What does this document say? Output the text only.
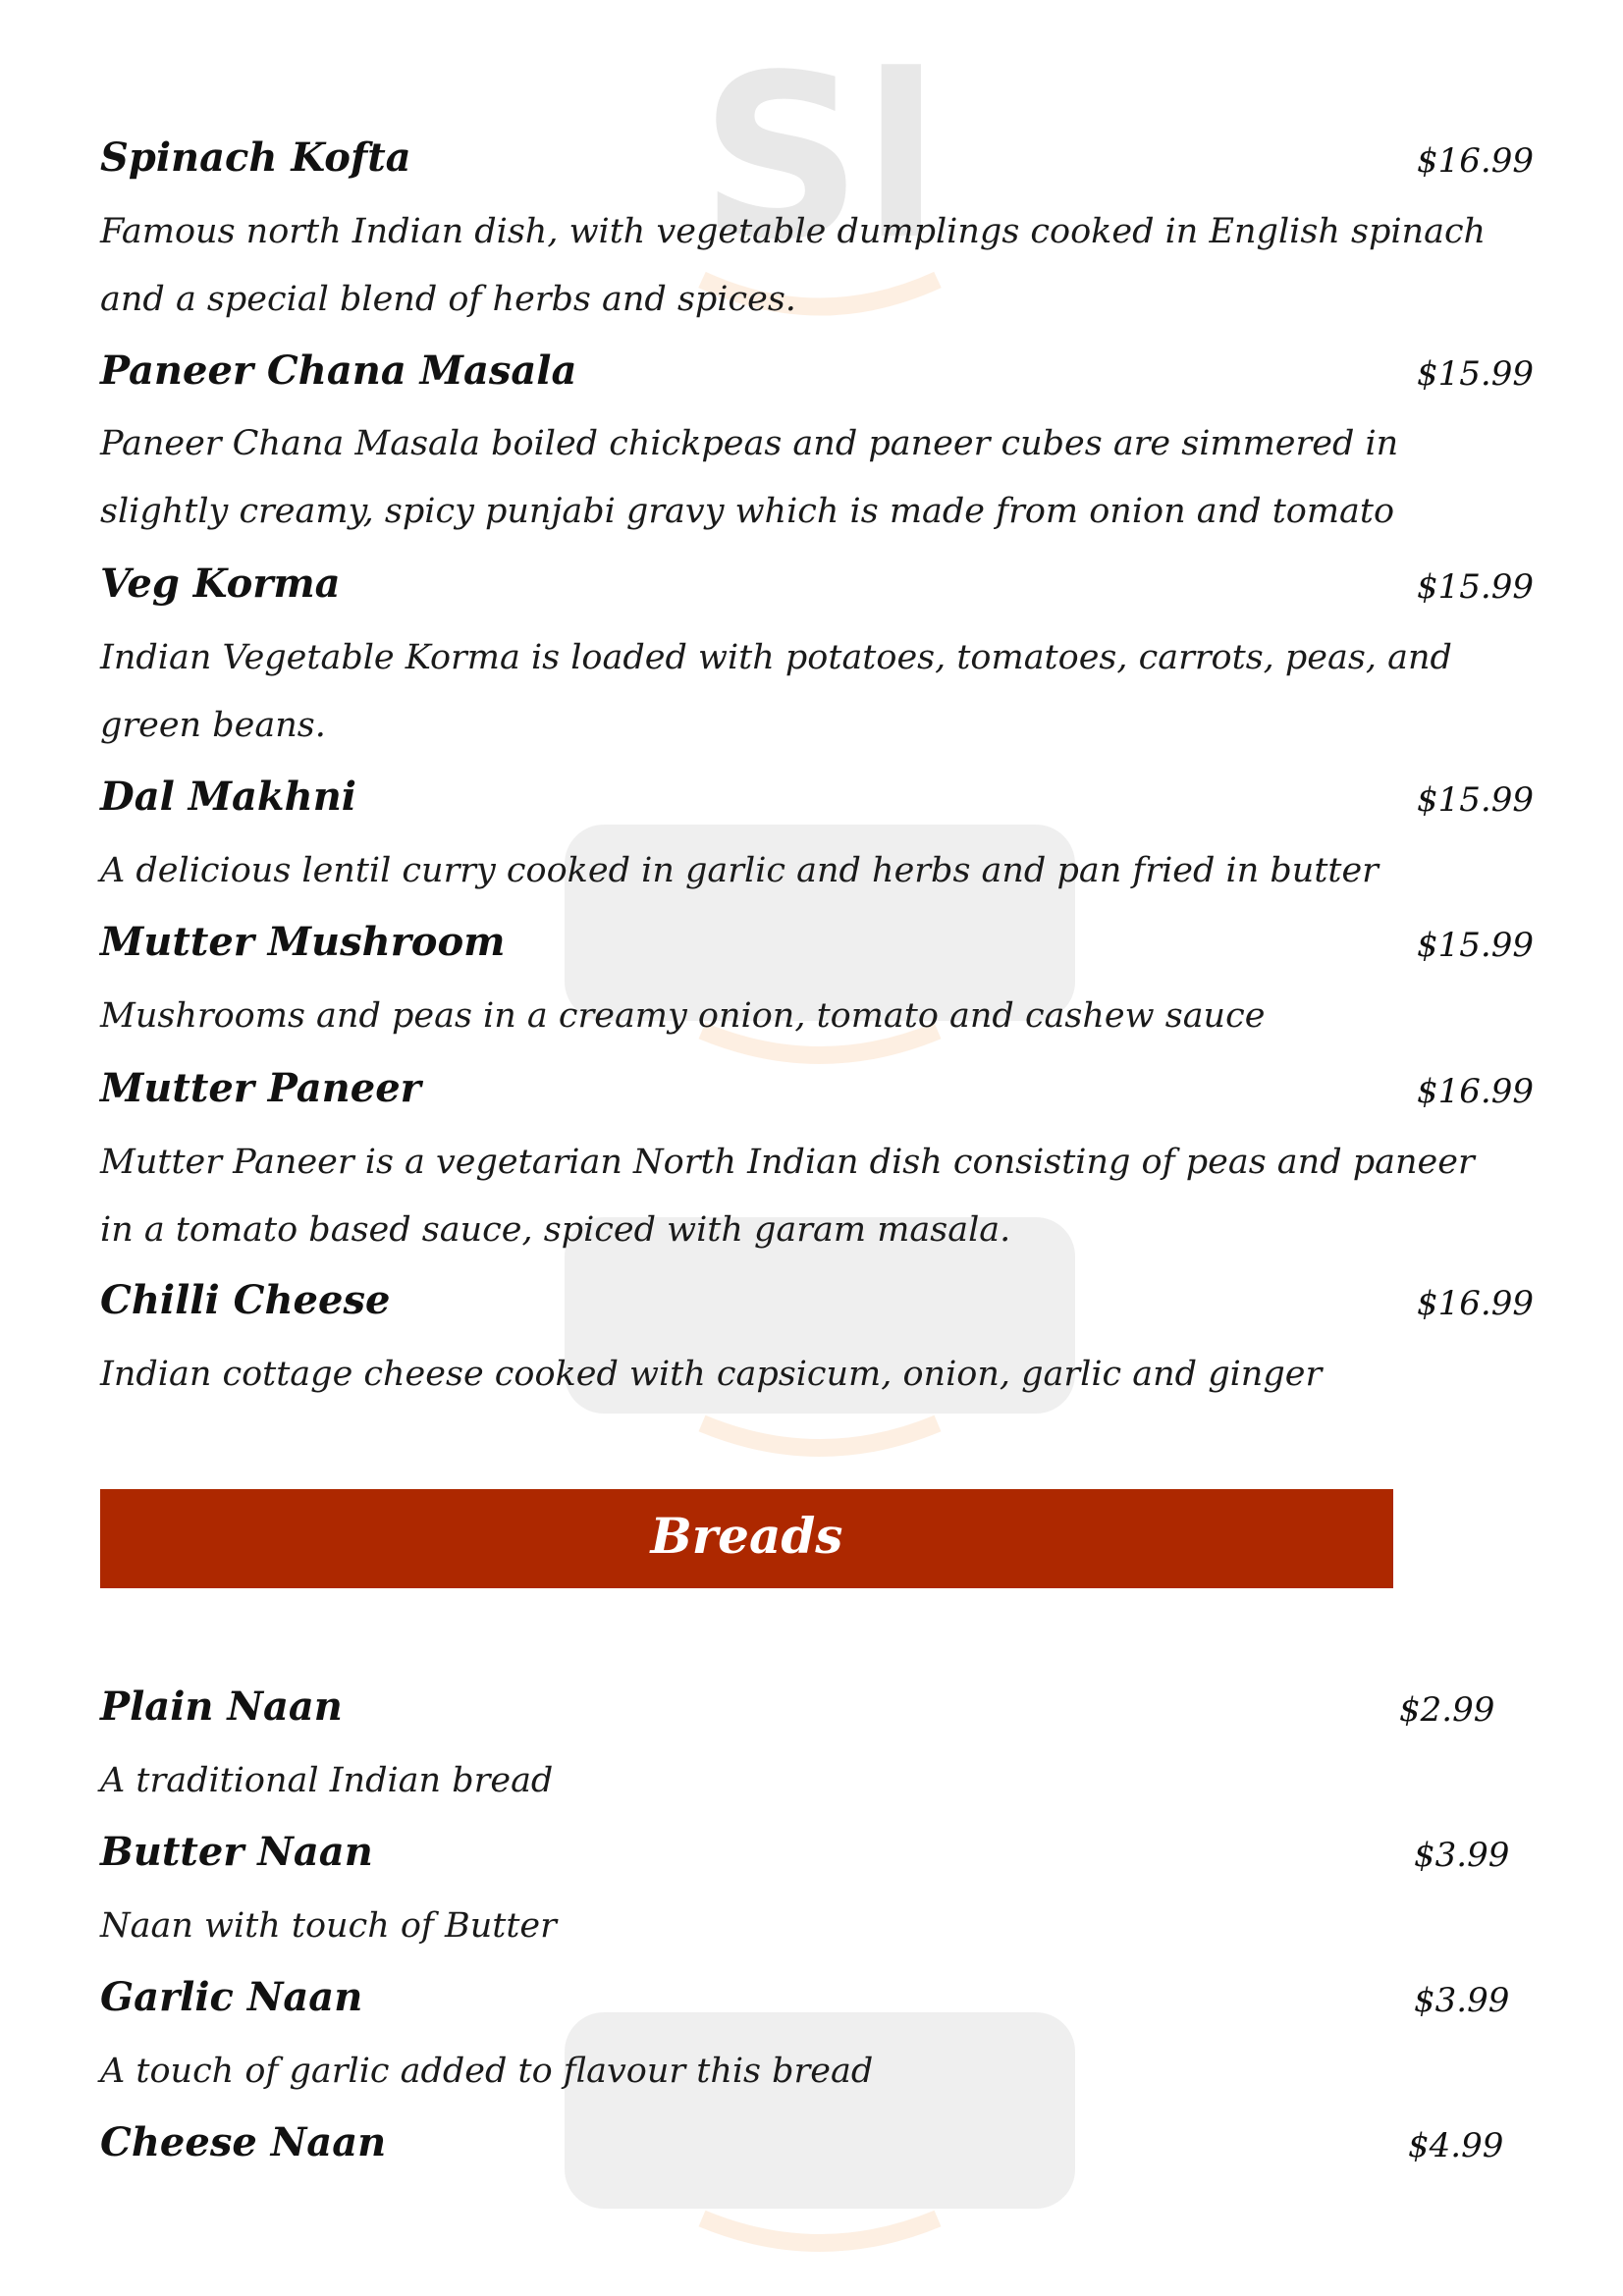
Sl
Spinach Kofta	$16.99
Famous north Indian dish, with vegetable dumplings cooked in English spinach and a special blend of herbs and spices.
Paneer Chana Masala	$15.99
Paneer Chana Masala boiled chickpeas and paneer cubes are simmered in slightly creamy, spicy punjabi gravy which is made from onion and tomato
Veg Korma	$15.99
Indian Vegetable Korma is loaded with potatoes, tomatoes, carrots, peas, and green beans.
Dal Makhni	$15.99
A delicious lentil curry cooked in garlic and herbs and pan fried in butter
Mutter Mushroom	$15.99
Mushrooms and peas in a creamy onion, tomato and cashew sauce
Mutter Paneer	$16.99
Mutter Paneer is a vegetarian North Indian dish consisting of peas and paneer in a tomato based sauce, spiced with garam masala.
Chilli Cheese	$16.99
Indian cottage cheese cooked with capsicum, onion, garlic and ginger
Breads
Plain Naan	$2.99
A traditional Indian bread
Butter Naan	$3.99
Naan with touch of Butter
Garlic Naan	$3.99
A touch of garlic added to flavour this bread
Cheese Naan	$4.99
